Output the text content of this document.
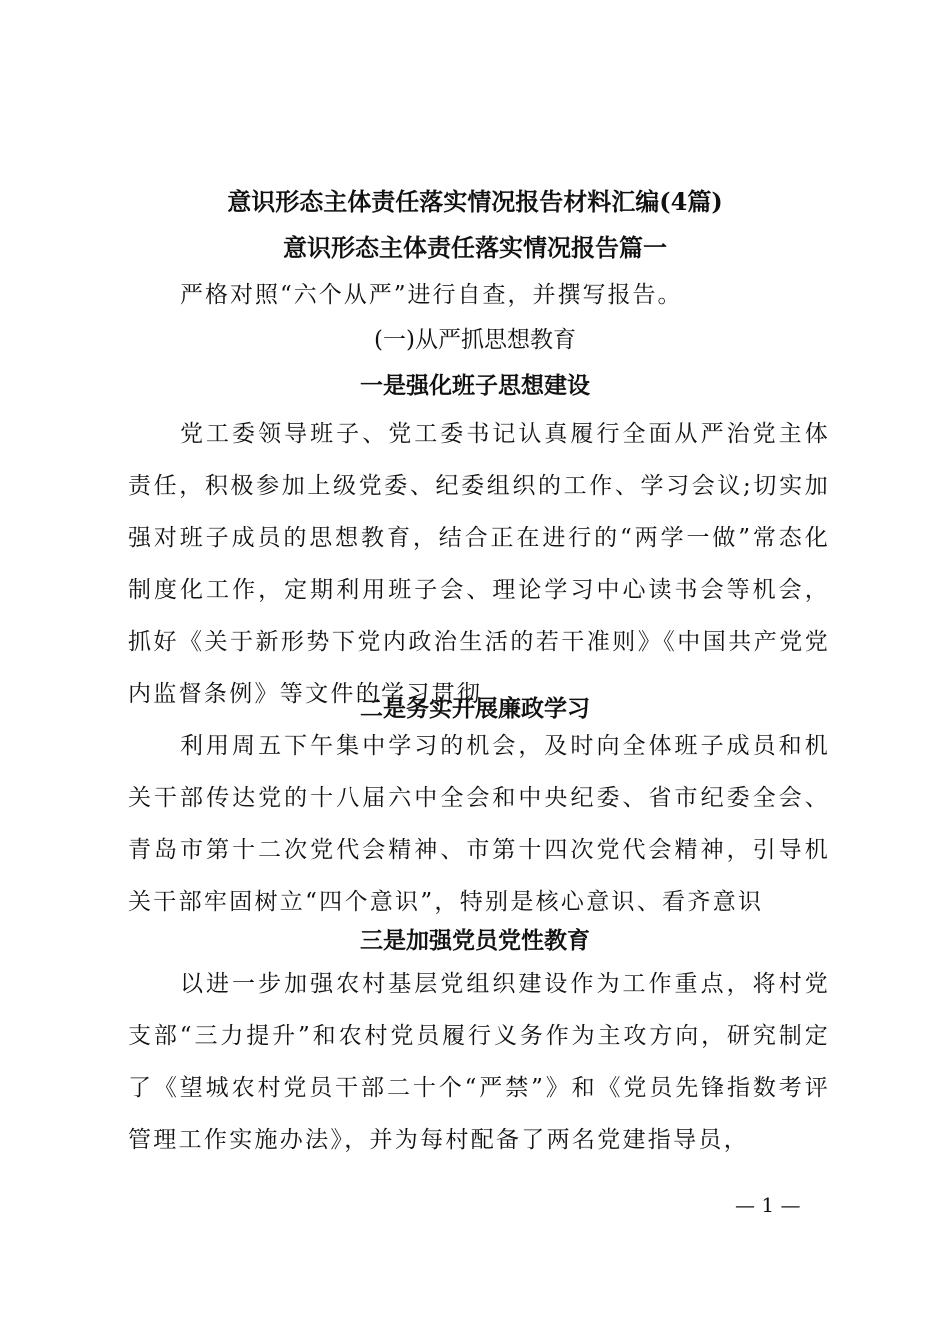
意识形态主体责任落实情况报告材料汇编(4篇)
意识形态主体责任落实情况报告篇一
严格对照“六个从严”进行自查，并撰写报告。
(一)从严抓思想教育
一是强化班子思想建设
党工委领导班子、党工委书记认真履行全面从严治党主体责任，积极参加上级党委、纪委组织的工作、学习会议;切实加强对班子成员的思想教育，结合正在进行的“两学一做”常态化制度化工作，定期利用班子会、理论学习中心读书会等机会，抓好《关于新形势下党内政治生活的若干准则》《中国共产党党内监督条例》等文件的学习贯彻
二是务实开展廉政学习
利用周五下午集中学习的机会，及时向全体班子成员和机关干部传达党的十八届六中全会和中央纪委、省市纪委全会、青岛市第十二次党代会精神、市第十四次党代会精神，引导机关干部牢固树立“四个意识”，特别是核心意识、看齐意识
三是加强党员党性教育
以进一步加强农村基层党组织建设作为工作重点，将村党支部“三力提升”和农村党员履行义务作为主攻方向，研究制定了《望城农村党员干部二十个“严禁”》和《党员先锋指数考评管理工作实施办法》，并为每村配备了两名党建指导员，
— 1 —
